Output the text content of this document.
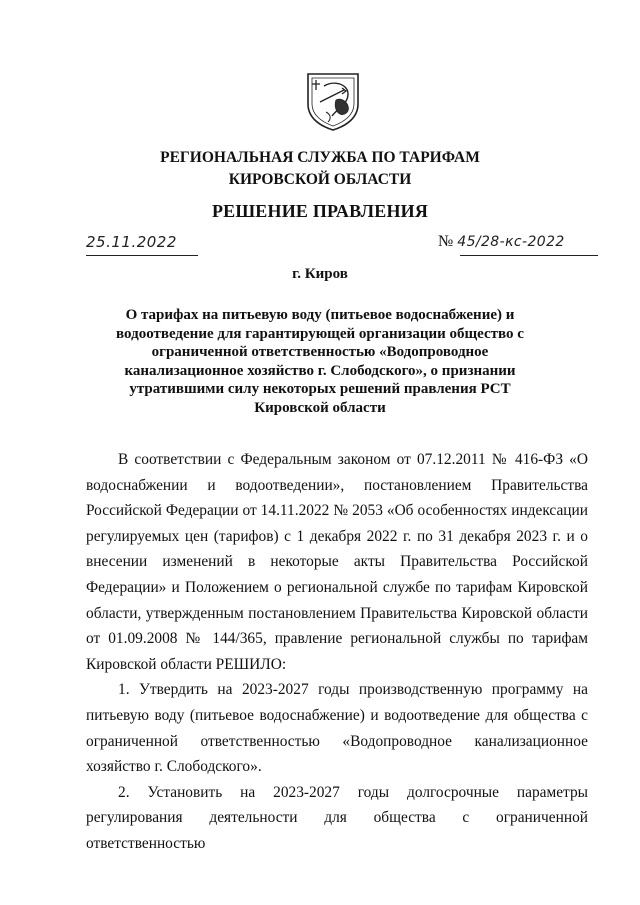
РЕГИОНАЛЬНАЯ СЛУЖБА ПО ТАРИФАМ
КИРОВСКОЙ ОБЛАСТИ
РЕШЕНИЕ ПРАВЛЕНИЯ
25.11.2022	№ 45/28-кс-2022
г. Киров
О тарифах на питьевую воду (питьевое водоснабжение) и
водоотведение для гарантирующей организации общество с
ограниченной ответственностью «Водопроводное
канализационное хозяйство г. Слободского», о признании
утратившими силу некоторых решений правления РСТ
Кировской области

В соответствии с Федеральным законом от 07.12.2011 № 416-ФЗ «О водоснабжении и водоотведении», постановлением Правительства Российской Федерации от 14.11.2022 № 2053 «Об особенностях индексации регулируемых цен (тарифов) с 1 декабря 2022 г. по 31 декабря 2023 г. и о внесении изменений в некоторые акты Правительства Российской Федерации» и Положением о региональной службе по тарифам Кировской области, утвержденным постановлением Правительства Кировской области от 01.09.2008 № 144/365, правление региональной службы по тарифам Кировской области РЕШИЛО:

1. Утвердить на 2023-2027 годы производственную программу на питьевую воду (питьевое водоснабжение) и водоотведение для общества с ограниченной ответственностью «Водопроводное канализационное хозяйство г. Слободского».

2. Установить на 2023-2027 годы долгосрочные параметры регулирования деятельности для общества с ограниченной ответственностью
